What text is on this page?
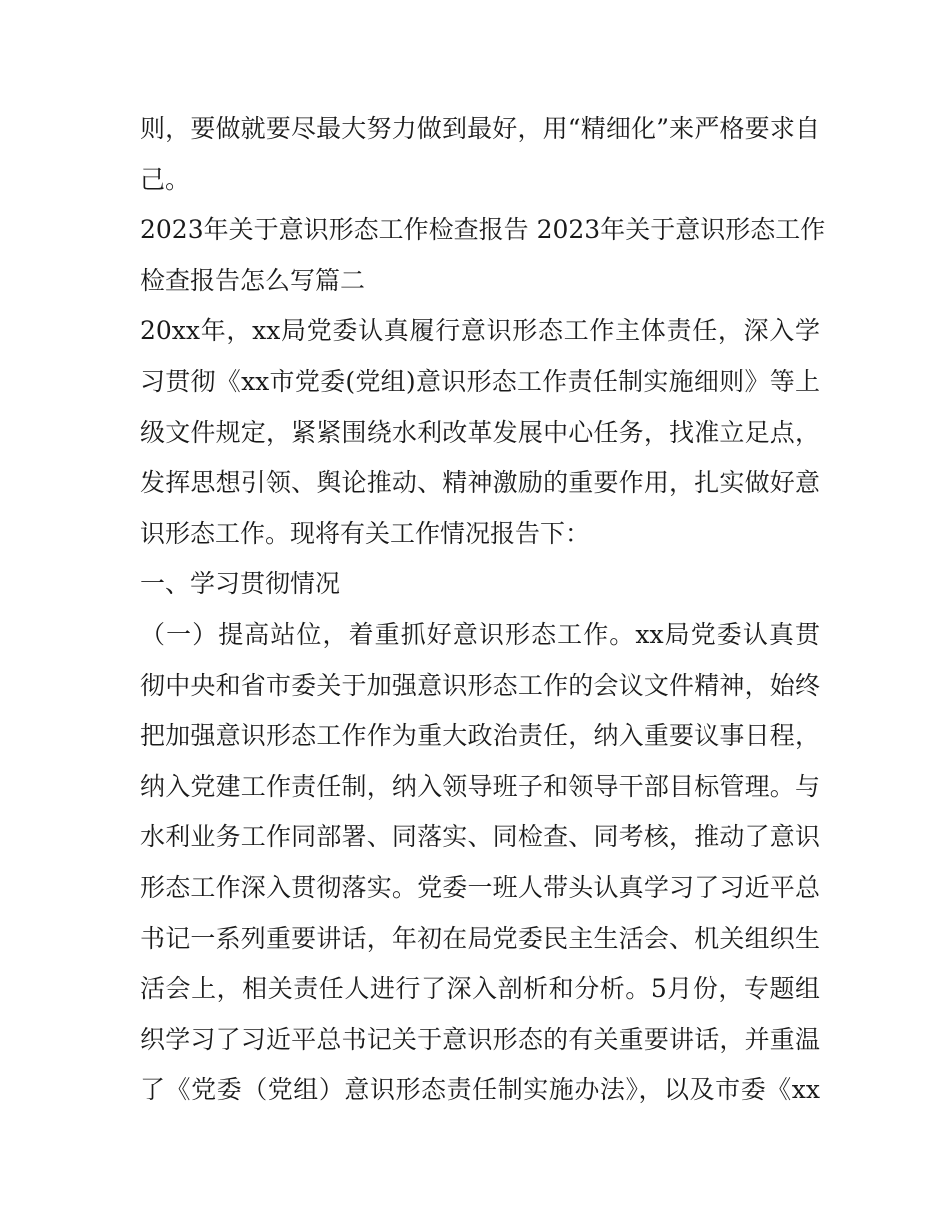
则，要做就要尽最大努力做到最好，用“精细化”来严格要求自
己。
2023年关于意识形态工作检查报告 2023年关于意识形态工作
检查报告怎么写篇二
20xx年，xx局党委认真履行意识形态工作主体责任，深入学
习贯彻《xx市党委(党组)意识形态工作责任制实施细则》等上
级文件规定，紧紧围绕水利改革发展中心任务，找准立足点，
发挥思想引领、舆论推动、精神激励的重要作用，扎实做好意
识形态工作。现将有关工作情况报告下：
一、学习贯彻情况
（一）提高站位，着重抓好意识形态工作。xx局党委认真贯
彻中央和省市委关于加强意识形态工作的会议文件精神，始终
把加强意识形态工作作为重大政治责任，纳入重要议事日程，
纳入党建工作责任制，纳入领导班子和领导干部目标管理。与
水利业务工作同部署、同落实、同检查、同考核，推动了意识
形态工作深入贯彻落实。党委一班人带头认真学习了习近平总
书记一系列重要讲话，年初在局党委民主生活会、机关组织生
活会上，相关责任人进行了深入剖析和分析。5月份，专题组
织学习了习近平总书记关于意识形态的有关重要讲话，并重温
了《党委（党组）意识形态责任制实施办法》，以及市委《xx
